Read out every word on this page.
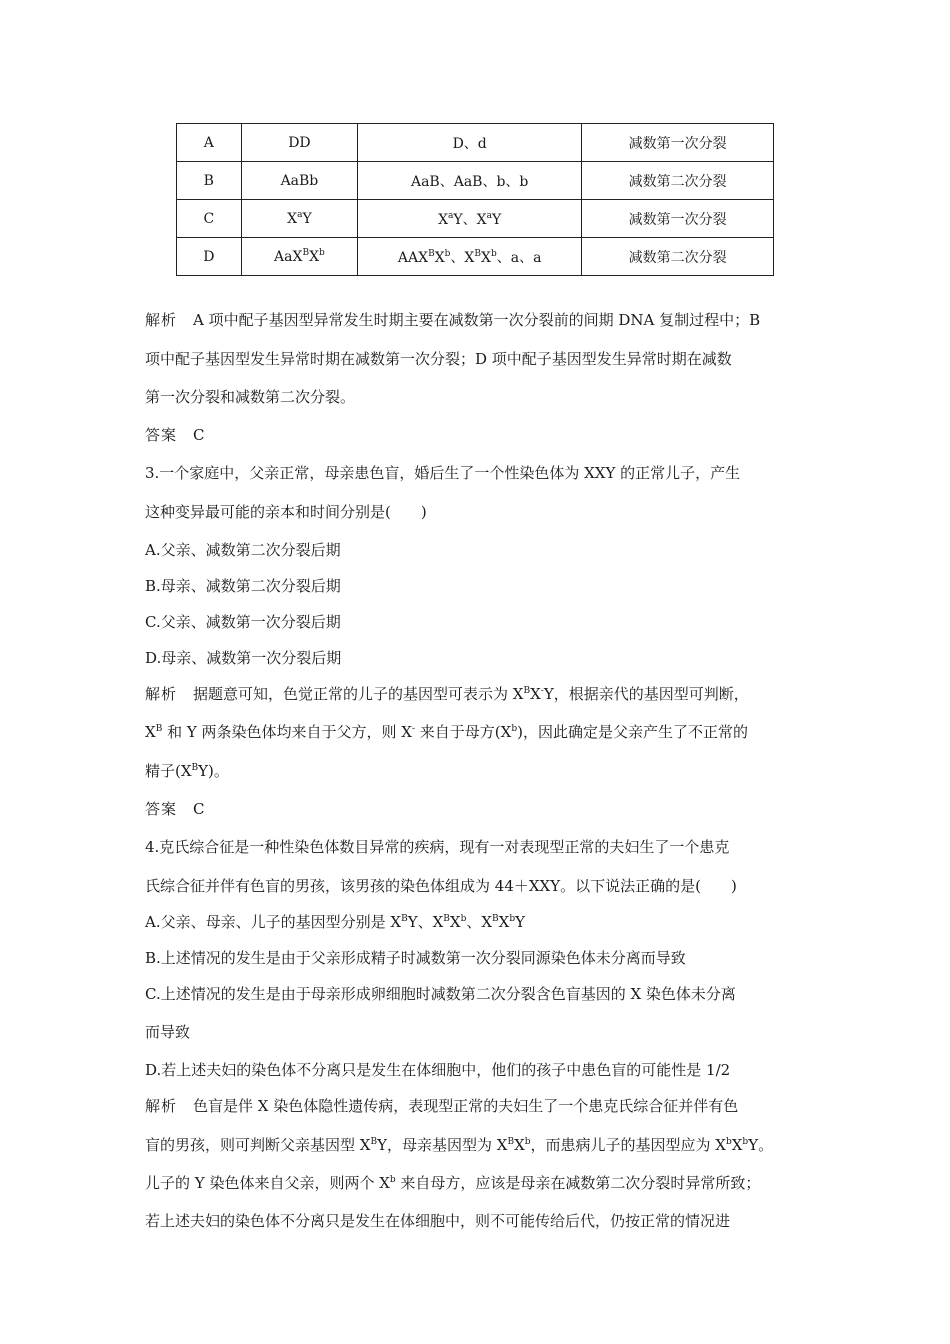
A	DD	D、d	减数第一次分裂
B	AaBb	AaB、AaB、b、b	减数第二次分裂
C	$X^aY$	$X^aY$、$X^aY$	减数第一次分裂
D	$AaX^BX^b$	$AAX^BX^b$、$X^BX^b$、a、a	减数第二次分裂
解析 A 项中配子基因型异常发生时期主要在减数第一次分裂前的间期 DNA 复制过程中；B
项中配子基因型发生异常时期在减数第一次分裂；D 项中配子基因型发生异常时期在减数
第一次分裂和减数第二次分裂。
答案 C
3.一个家庭中，父亲正常，母亲患色盲，婚后生了一个性染色体为 XXY 的正常儿子，产生
这种变异最可能的亲本和时间分别是(　　)
A.父亲、减数第二次分裂后期
B.母亲、减数第二次分裂后期
C.父亲、减数第一次分裂后期
D.母亲、减数第一次分裂后期
解析 据题意可知，色觉正常的儿子的基因型可表示为 $X^BX^-Y$，根据亲代的基因型可判断，
$X^B$ 和 Y 两条染色体均来自于父方，则 X- 来自于母方$(X^b)$，因此确定是父亲产生了不正常的
精子$(X^BY)$。
答案 C
4.克氏综合征是一种性染色体数目异常的疾病，现有一对表现型正常的夫妇生了一个患克
氏综合征并伴有色盲的男孩，该男孩的染色体组成为 44＋XXY。以下说法正确的是(　　)
A.父亲、母亲、儿子的基因型分别是 $X^BY$、$X^BX^b$、$X^BX^bY$
B.上述情况的发生是由于父亲形成精子时减数第一次分裂同源染色体未分离而导致
C.上述情况的发生是由于母亲形成卵细胞时减数第二次分裂含色盲基因的 X 染色体未分离
而导致
D.若上述夫妇的染色体不分离只是发生在体细胞中，他们的孩子中患色盲的可能性是 1/2
解析 色盲是伴 X 染色体隐性遗传病，表现型正常的夫妇生了一个患克氏综合征并伴有色
盲的男孩，则可判断父亲基因型 $X^BY$，母亲基因型为 $X^BX^b$，而患病儿子的基因型应为 $X^bX^bY$。
儿子的 Y 染色体来自父亲，则两个 $X^b$ 来自母方，应该是母亲在减数第二次分裂时异常所致；
若上述夫妇的染色体不分离只是发生在体细胞中，则不可能传给后代，仍按正常的情况进
